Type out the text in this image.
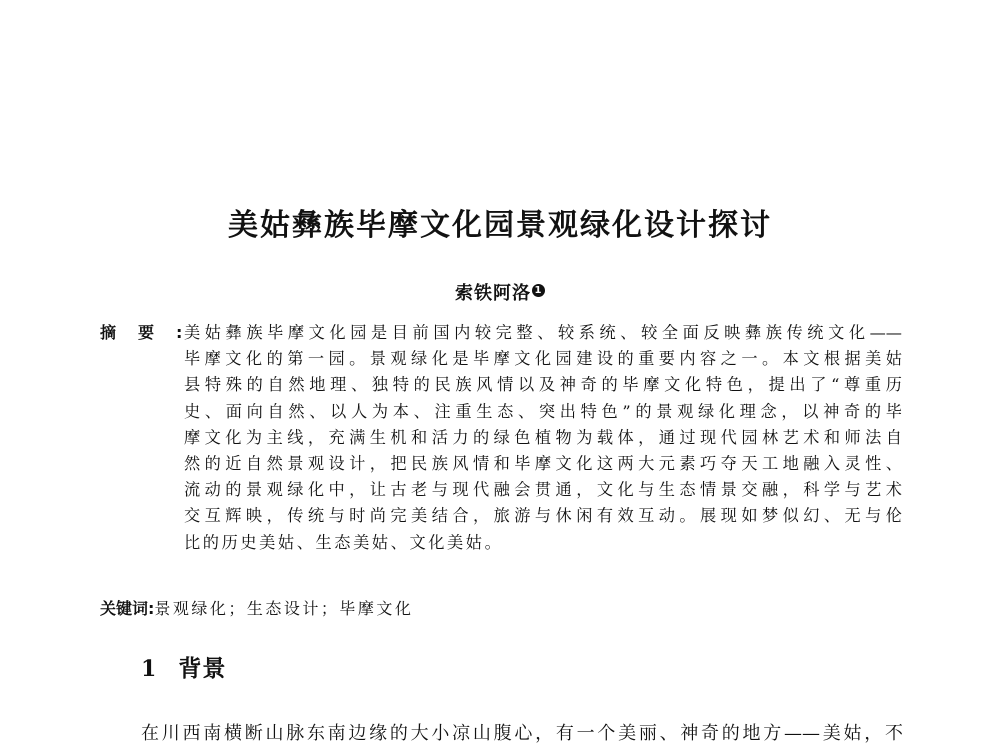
美姑彝族毕摩文化园景观绿化设计探讨
索铁阿洛 1
摘要: 美姑彝族毕摩文化园是目前国内较完整、较系统、较全面反映彝族传统文化——
毕摩文化的第一园。景观绿化是毕摩文化园建设的重要内容之一。本文根据美姑
县特殊的自然地理、独特的民族风情以及神奇的毕摩文化特色，提出了“尊重历
史、面向自然、以人为本、注重生态、突出特色”的景观绿化理念，以神奇的毕
摩文化为主线，充满生机和活力的绿色植物为载体，通过现代园林艺术和师法自
然的近自然景观设计，把民族风情和毕摩文化这两大元素巧夺天工地融入灵性、
流动的景观绿化中，让古老与现代融会贯通，文化与生态情景交融，科学与艺术
交互辉映，传统与时尚完美结合，旅游与休闲有效互动。展现如梦似幻、无与伦
比的历史美姑、生态美姑、文化美姑。
关键词:景观绿化；生态设计；毕摩文化
1 背景
在川西南横断山脉东南边缘的大小凉山腹心，有一个美丽、神奇的地方——美姑，不
